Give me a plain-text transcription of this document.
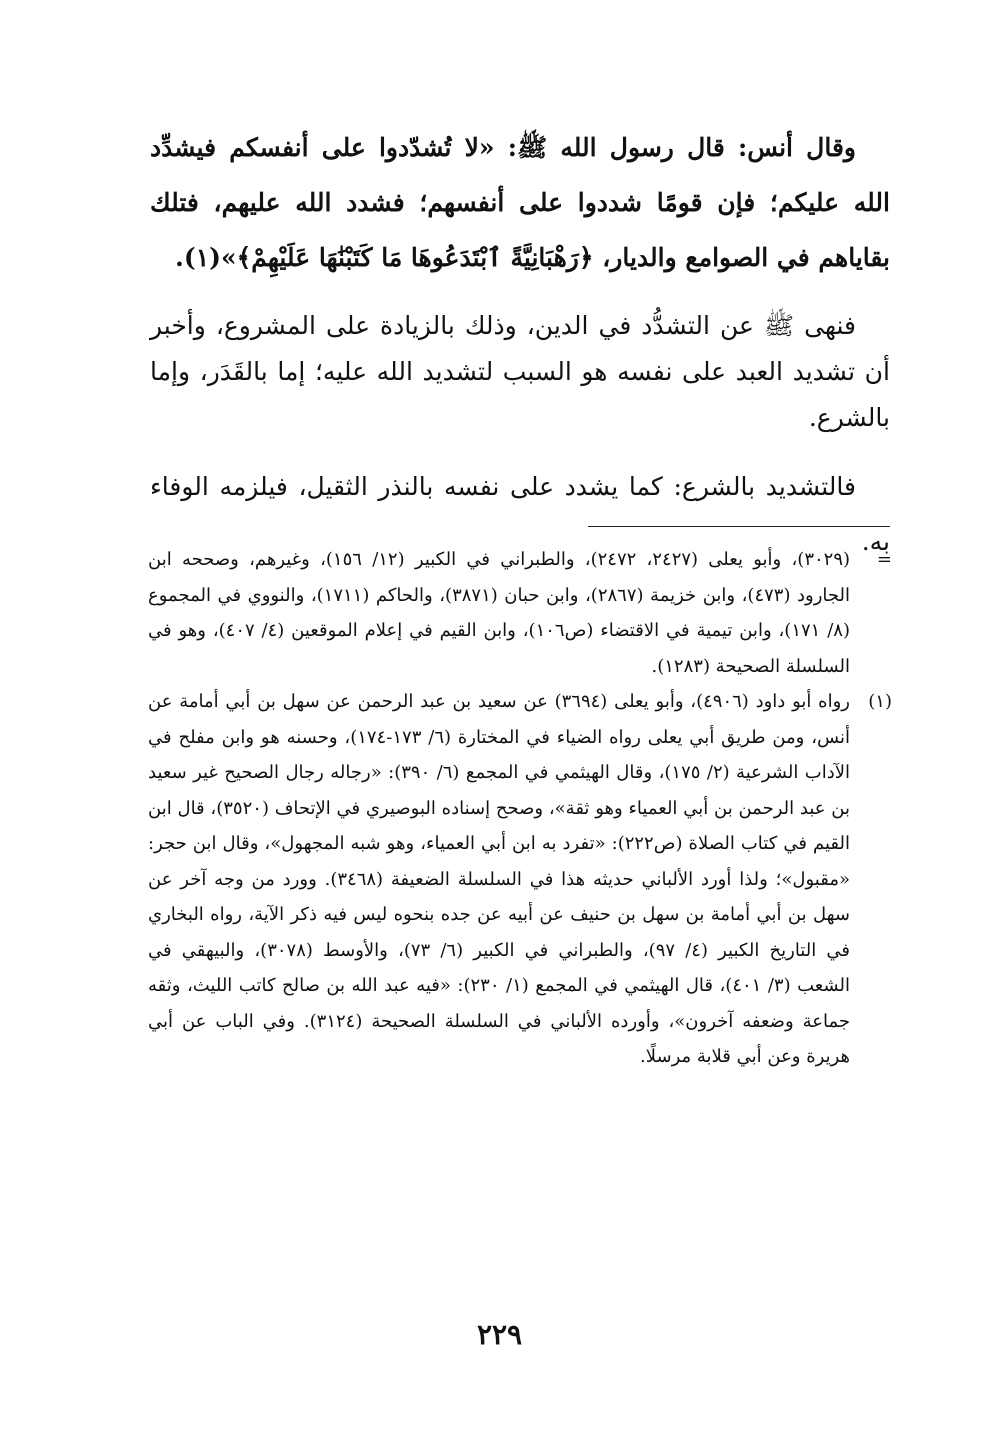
وقال أنس: قال رسول الله ﷺ: «لا تُشدّدوا على أنفسكم فيشدِّد الله عليكم؛ فإن قومًا شددوا على أنفسهم؛ فشدد الله عليهم، فتلك بقاياهم في الصوامع والديار، ﴿رَهْبَانِيَّةً ٱبْتَدَعُوهَا مَا كَتَبْنَٰهَا عَلَيْهِمْ﴾»(١).

فنهى ﷺ عن التشدُّد في الدين، وذلك بالزيادة على المشروع، وأخبر أن تشديد العبد على نفسه هو السبب لتشديد الله عليه؛ إما بالقَدَر، وإما بالشرع.

فالتشديد بالشرع: كما يشدد على نفسه بالنذر الثقيل، فيلزمه الوفاء به.

=

(٣٠٢٩)، وأبو يعلى (٢٤٢٧، ٢٤٧٢)، والطبراني في الكبير (١٢/ ١٥٦)، وغيرهم، وصححه ابن الجارود (٤٧٣)، وابن خزيمة (٢٨٦٧)، وابن حبان (٣٨٧١)، والحاكم (١٧١١)، والنووي في المجموع (٨/ ١٧١)، وابن تيمية في الاقتضاء (ص١٠٦)، وابن القيم في إعلام الموقعين (٤/ ٤٠٧)، وهو في السلسلة الصحيحة (١٢٨٣).

(١)

رواه أبو داود (٤٩٠٦)، وأبو يعلى (٣٦٩٤) عن سعيد بن عبد الرحمن عن سهل بن أبي أمامة عن أنس، ومن طريق أبي يعلى رواه الضياء في المختارة (٦/ ١٧٣-١٧٤)، وحسنه هو وابن مفلح في الآداب الشرعية (٢/ ١٧٥)، وقال الهيثمي في المجمع (٦/ ٣٩٠): «رجاله رجال الصحيح غير سعيد بن عبد الرحمن بن أبي العمياء وهو ثقة»، وصحح إسناده البوصيري في الإتحاف (٣٥٢٠)، قال ابن القيم في كتاب الصلاة (ص٢٢٢): «تفرد به ابن أبي العمياء، وهو شبه المجهول»، وقال ابن حجر: «مقبول»؛ ولذا أورد الألباني حديثه هذا في السلسلة الضعيفة (٣٤٦٨). وورد من وجه آخر عن سهل بن أبي أمامة بن سهل بن حنيف عن أبيه عن جده بنحوه ليس فيه ذكر الآية، رواه البخاري في التاريخ الكبير (٤/ ٩٧)، والطبراني في الكبير (٦/ ٧٣)، والأوسط (٣٠٧٨)، والبيهقي في الشعب (٣/ ٤٠١)، قال الهيثمي في المجمع (١/ ٢٣٠): «فيه عبد الله بن صالح كاتب الليث، وثقه جماعة وضعفه آخرون»، وأورده الألباني في السلسلة الصحيحة (٣١٢٤). وفي الباب عن أبي هريرة وعن أبي قلابة مرسلًا.

٢٢٩
